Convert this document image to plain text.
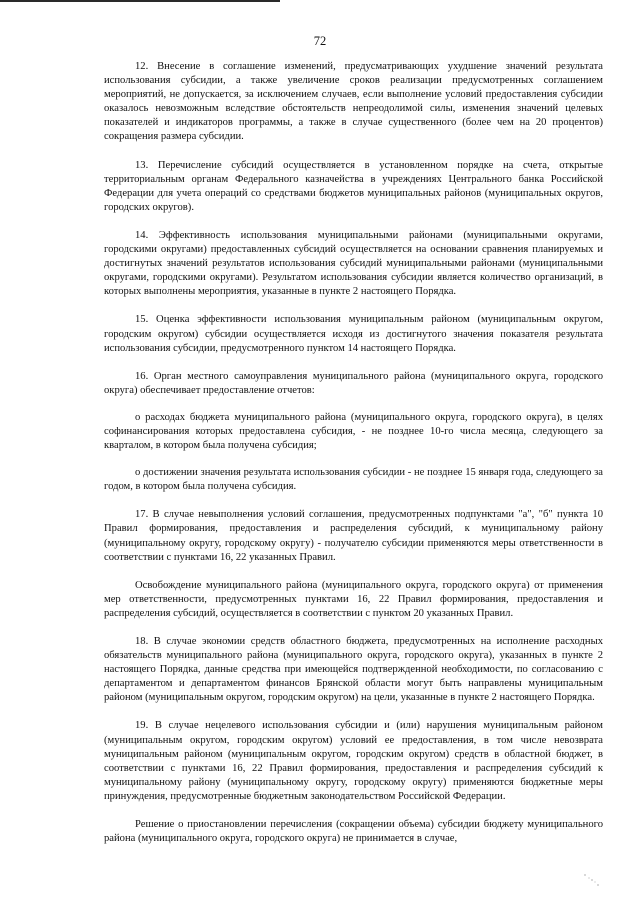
72

12. Внесение в соглашение изменений, предусматривающих ухудшение значений результата использования субсидии, а также увеличение сроков реализации предусмотренных соглашением мероприятий, не допускается, за исключением случаев, если выполнение условий предоставления субсидии оказалось невозможным вследствие обстоятельств непреодолимой силы, изменения значений целевых показателей и индикаторов программы, а также в случае существенного (более чем на 20 процентов) сокращения размера субсидии.

13. Перечисление субсидий осуществляется в установленном порядке на счета, открытые территориальным органам Федерального казначейства в учреждениях Центрального банка Российской Федерации для учета операций со средствами бюджетов муниципальных районов (муниципальных округов, городских округов).

14. Эффективность использования муниципальными районами (муниципальными округами, городскими округами) предоставленных субсидий осуществляется на основании сравнения планируемых и достигнутых значений результатов использования субсидий муниципальными районами (муниципальными округами, городскими округами). Результатом использования субсидии является количество организаций, в которых выполнены мероприятия, указанные в пункте 2 настоящего Порядка.

15. Оценка эффективности использования муниципальным районом (муниципальным округом, городским округом) субсидии осуществляется исходя из достигнутого значения показателя результата использования субсидии, предусмотренного пунктом 14 настоящего Порядка.

16. Орган местного самоуправления муниципального района (муниципального округа, городского округа) обеспечивает предоставление отчетов:

о расходах бюджета муниципального района (муниципального округа, городского округа), в целях софинансирования которых предоставлена субсидия, - не позднее 10-го числа месяца, следующего за кварталом, в котором была получена субсидия;

о достижении значения результата использования субсидии - не позднее 15 января года, следующего за годом, в котором была получена субсидия.

17. В случае невыполнения условий соглашения, предусмотренных подпунктами "а", "б" пункта 10 Правил формирования, предоставления и распределения субсидий, к муниципальному району (муниципальному округу, городскому округу) - получателю субсидии применяются меры ответственности в соответствии с пунктами 16, 22 указанных Правил.

Освобождение муниципального района (муниципального округа, городского округа) от применения мер ответственности, предусмотренных пунктами 16, 22 Правил формирования, предоставления и распределения субсидий, осуществляется в соответствии с пунктом 20 указанных Правил.

18. В случае экономии средств областного бюджета, предусмотренных на исполнение расходных обязательств муниципального района (муниципального округа, городского округа), указанных в пункте 2 настоящего Порядка, данные средства при имеющейся подтвержденной необходимости, по согласованию с департаментом и департаментом финансов Брянской области могут быть направлены муниципальным районом (муниципальным округом, городским округом) на цели, указанные в пункте 2 настоящего Порядка.

19. В случае нецелевого использования субсидии и (или) нарушения муниципальным районом (муниципальным округом, городским округом) условий ее предоставления, в том числе невозврата муниципальным районом (муниципальным округом, городским округом) средств в областной бюджет, в соответствии с пунктами 16, 22 Правил формирования, предоставления и распределения субсидий к муниципальному району (муниципальному округу, городскому округу) применяются бюджетные меры принуждения, предусмотренные бюджетным законодательством Российской Федерации.

Решение о приостановлении перечисления (сокращении объема) субсидии бюджету муниципального района (муниципального округа, городского округа) не принимается в случае,
